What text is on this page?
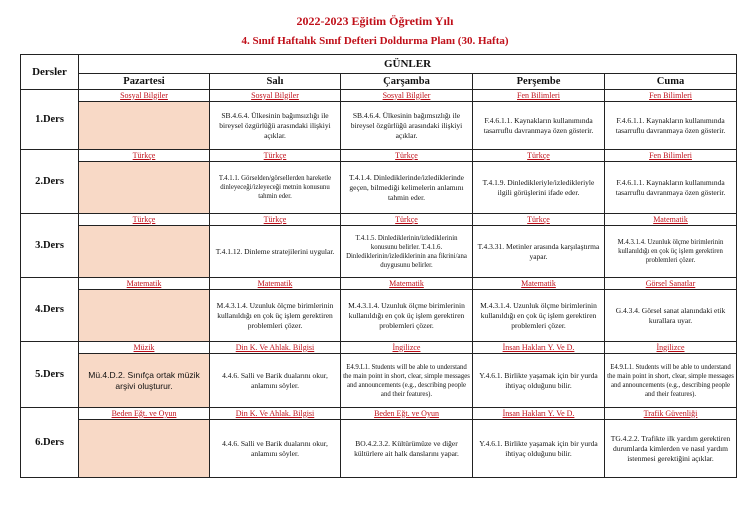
2022-2023 Eğitim Öğretim Yılı
4. Sınıf Haftalık Sınıf Defteri Doldurma Planı (30. Hafta)
Dersler	GÜNLER				
	Pazartesi	Salı	Çarşamba	Perşembe	Cuma
1.Ders	Sosyal Bilgiler	Sosyal Bilgiler	Sosyal Bilgiler	Fen Bilimleri	Fen Bilimleri
		SB.4.6.4. Ülkesinin bağımsızlığı ile bireysel özgürlüğü arasındaki ilişkiyi açıklar.	SB.4.6.4. Ülkesinin bağımsızlığı ile bireysel özgürlüğü arasındaki ilişkiyi açıklar.	F.4.6.1.1. Kaynakların kullanımında tasarruflu davranmaya özen gösterir.	F.4.6.1.1. Kaynakların kullanımında tasarruflu davranmaya özen gösterir.
2.Ders	Türkçe	Türkçe	Türkçe	Türkçe	Fen Bilimleri
		T.4.1.1. Görselden/görsellerden hareketle dinleyeceği/izleyeceği metnin konusunu tahmin eder.	T.4.1.4. Dinlediklerinde/izlediklerinde geçen, bilmediği kelimelerin anlamını tahmin eder.	T.4.1.9. Dinledikleriyle/izledikleriyle ilgili görüşlerini ifade eder.	F.4.6.1.1. Kaynakların kullanımında tasarruflu davranmaya özen gösterir.
3.Ders	Türkçe	Türkçe	Türkçe	Türkçe	Matematik
		T.4.1.12. Dinleme stratejilerini uygular.	T.4.1.5. Dinlediklerinin/izlediklerinin konusunu belirler. T.4.1.6. Dinlediklerinin/izlediklerinin ana fikrini/ana duygusunu belirler.	T.4.3.31. Metinler arasında karşılaştırma yapar.	M.4.3.1.4. Uzunluk ölçme birimlerinin kullanıldığı en çok üç işlem gerektiren problemleri çözer.
4.Ders	Matematik	Matematik	Matematik	Matematik	Görsel Sanatlar
		M.4.3.1.4. Uzunluk ölçme birimlerinin kullanıldığı en çok üç işlem gerektiren problemleri çözer.	M.4.3.1.4. Uzunluk ölçme birimlerinin kullanıldığı en çok üç işlem gerektiren problemleri çözer.	M.4.3.1.4. Uzunluk ölçme birimlerinin kullanıldığı en çok üç işlem gerektiren problemleri çözer.	G.4.3.4. Görsel sanat alanındaki etik kurallara uyar.
5.Ders	Müzik	Din K. Ve Ahlak. Bilgisi	İngilizce	İnsan Hakları Y. Ve D.	İngilizce
	Mü.4.D.2. Sınıfça ortak müzik arşivi oluşturur.	4.4.6. Salli ve Barik dualarını okur, anlamını söyler.	E4.9.L1. Students will be able to understand the main point in short, clear, simple messages and announcements (e.g., describing people and their features).	Y.4.6.1. Birlikte yaşamak için bir yurda ihtiyaç olduğunu bilir.	E4.9.L1. Students will be able to understand the main point in short, clear, simple messages and announcements (e.g., describing people and their features).
6.Ders	Beden Eğt. ve Oyun	Din K. Ve Ahlak. Bilgisi	Beden Eğt. ve Oyun	İnsan Hakları Y. Ve D.	Trafik Güvenliği
		4.4.6. Salli ve Barik dualarını okur, anlamını söyler.	BO.4.2.3.2. Kültürümüze ve diğer kültürlere ait halk danslarını yapar.	Y.4.6.1. Birlikte yaşamak için bir yurda ihtiyaç olduğunu bilir.	TG.4.2.2. Trafikte ilk yardım gerektiren durumlarda kimlerden ve nasıl yardım istenmesi gerektiğini açıklar.
